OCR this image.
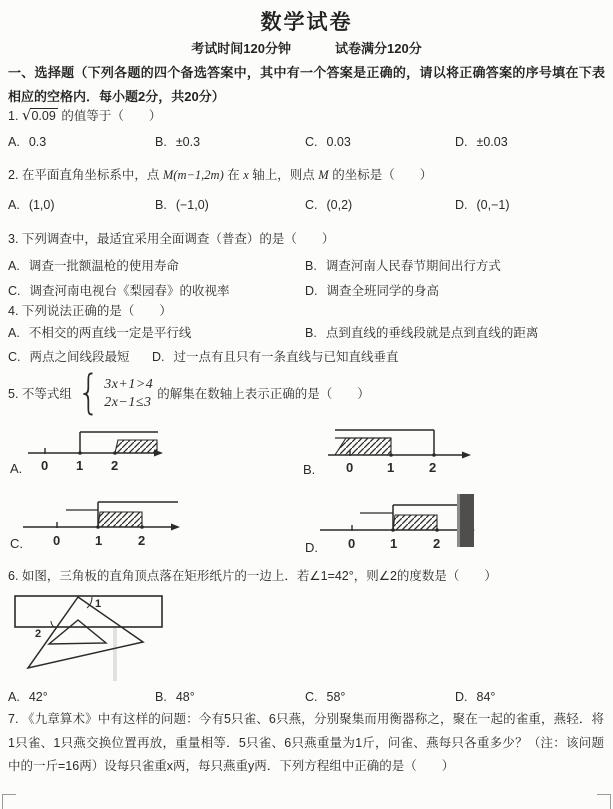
数学试卷
考试时间120分钟	试卷满分120分
一、选择题（下列各题的四个备选答案中，其中有一个答案是正确的，请以将正确答案的序号填在下表相应的空格内．每小题2分，共20分）
1. √0.09 的值等于（　　）
A. 0.3	B. ±0.3	C. 0.03	D. ±0.03
2. 在平面直角坐标系中，点 M(m−1,2m) 在 x 轴上，则点 M 的坐标是（　　）
A. (1,0)	B. (−1,0)	C. (0,2)	D. (0,−1)
3. 下列调查中，最适宜采用全面调查（普查）的是（　　）
A. 调查一批额温枪的使用寿命	B. 调查河南人民春节期间出行方式
C. 调查河南电视台《梨园春》的收视率	D. 调查全班同学的身高
4. 下列说法正确的是（　　）
A. 不相交的两直线一定是平行线	B. 点到直线的垂线段就是点到直线的距离
C. 两点之间线段最短 D. 过一点有且只有一条直线与已知直线垂直
5. 不等式组 { 3x+1>4
2x−1≤3
的解集在数轴上表示正确的是（　　）
0 1 2
A.	0	1	2
B.
0	1	2
C.	0	1	2
D.
6. 如图，三角板的直角顶点落在矩形纸片的一边上．若∠1=42°，则∠2的度数是（　　）
1
2
A. 42°	B. 48°	C. 58°	D. 84°
7. 《九章算术》中有这样的问题：今有5只雀、6只燕，分别聚集而用衡器称之，聚在一起的雀重，燕轻．将1只雀、1只燕交换位置再放，重量相等．5只雀、6只燕重量为1斤，问雀、燕每只各重多少？（注：该问题中的一斤=16两）设每只雀重x两，每只燕重y两．下列方程组中正确的是（　　）
